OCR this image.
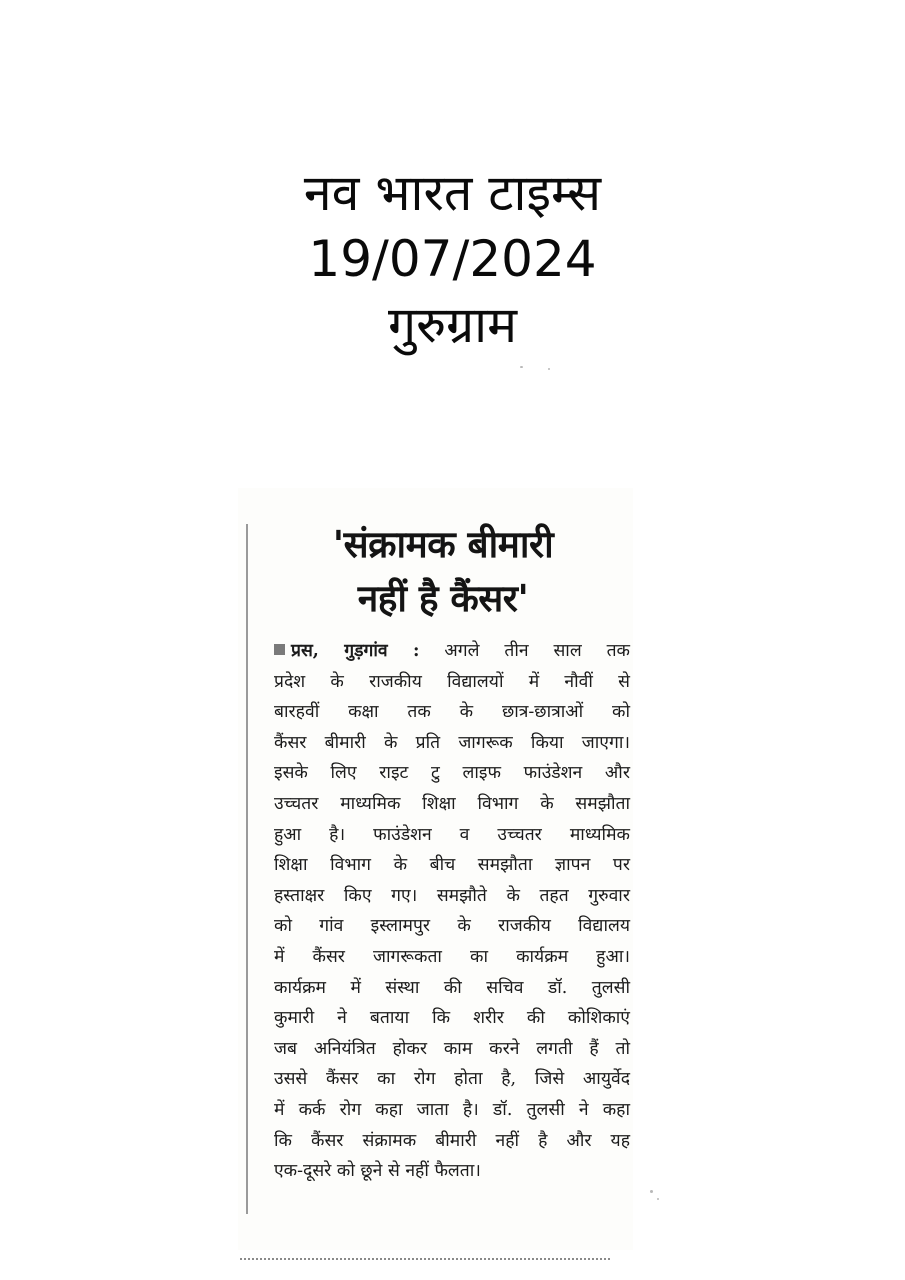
नव भारत टाइम्स
19/07/2024
गुरुग्राम
'संक्रामक बीमारी
नहीं है कैंसर'
प्रस, गुड़गांव : अगले तीन साल तक
प्रदेश के राजकीय विद्यालयों में नौवीं से
बारहवीं कक्षा तक के छात्र-छात्राओं को
कैंसर बीमारी के प्रति जागरूक किया जाएगा।
इसके लिए राइट टु लाइफ फाउंडेशन और
उच्चतर माध्यमिक शिक्षा विभाग के समझौता
हुआ है। फाउंडेशन व उच्चतर माध्यमिक
शिक्षा विभाग के बीच समझौता ज्ञापन पर
हस्ताक्षर किए गए। समझौते के तहत गुरुवार
को गांव इस्लामपुर के राजकीय विद्यालय
में कैंसर जागरूकता का कार्यक्रम हुआ।
कार्यक्रम में संस्था की सचिव डॉ. तुलसी
कुमारी ने बताया कि शरीर की कोशिकाएं
जब अनियंत्रित होकर काम करने लगती हैं तो
उससे कैंसर का रोग होता है, जिसे आयुर्वेद
में कर्क रोग कहा जाता है। डॉ. तुलसी ने कहा
कि कैंसर संक्रामक बीमारी नहीं है और यह
एक-दूसरे को छूने से नहीं फैलता।
